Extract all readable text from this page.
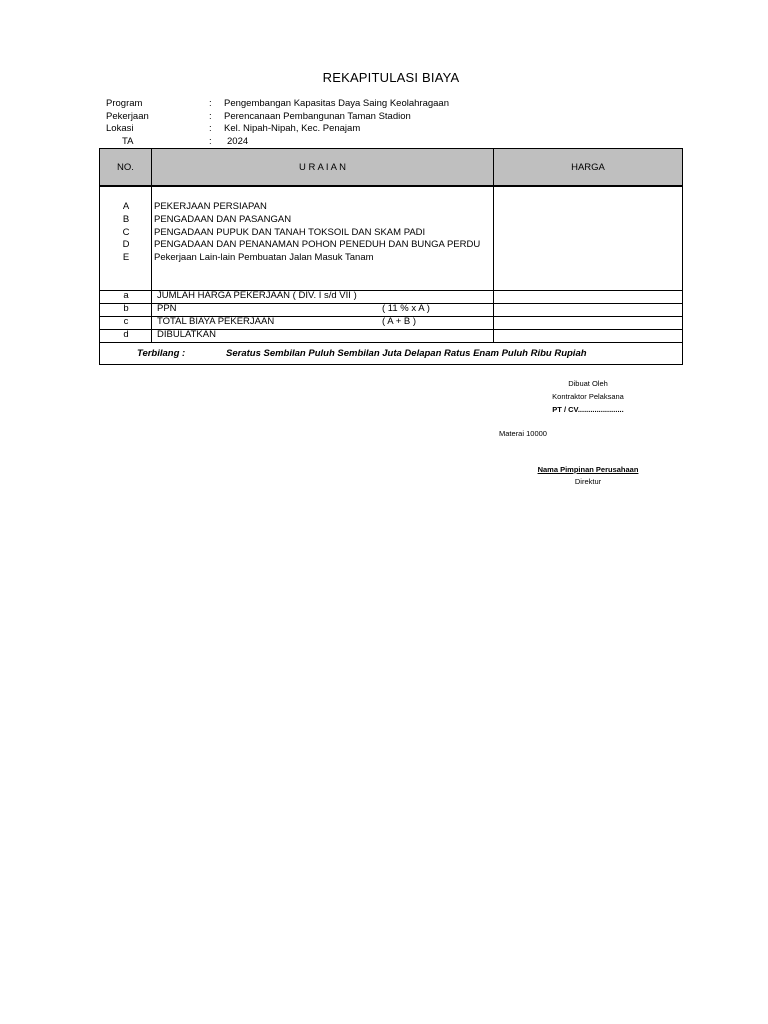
REKAPITULASI BIAYA
Program	: Pengembangan Kapasitas Daya Saing Keolahragaan
Pekerjaan	: Perencanaan Pembangunan Taman Stadion
Lokasi	: Kel. Nipah-Nipah, Kec. Penajam
TA	: 2024
NO.	U R A I A N	HARGA
A	PEKERJAAN PERSIAPAN
B	PENGADAAN DAN PASANGAN
C	PENGADAAN PUPUK DAN TANAH TOKSOIL DAN SKAM PADI
D	PENGADAAN DAN PENANAMAN POHON PENEDUH DAN BUNGA PERDU
E	Pekerjaan Lain-lain Pembuatan Jalan Masuk Tanam
a	JUMLAH HARGA PEKERJAAN ( DIV. I s/d VII )
b	PPN	( 11 % x A )
c	TOTAL BIAYA PEKERJAAN	( A + B )
d	DIBULATKAN
Terbilang :	Seratus Sembilan Puluh Sembilan Juta Delapan Ratus Enam Puluh Ribu Rupiah
Dibuat Oleh
Kontraktor Pelaksana
PT / CV......................
Materai 10000
Nama Pimpinan Perusahaan
Direktur
